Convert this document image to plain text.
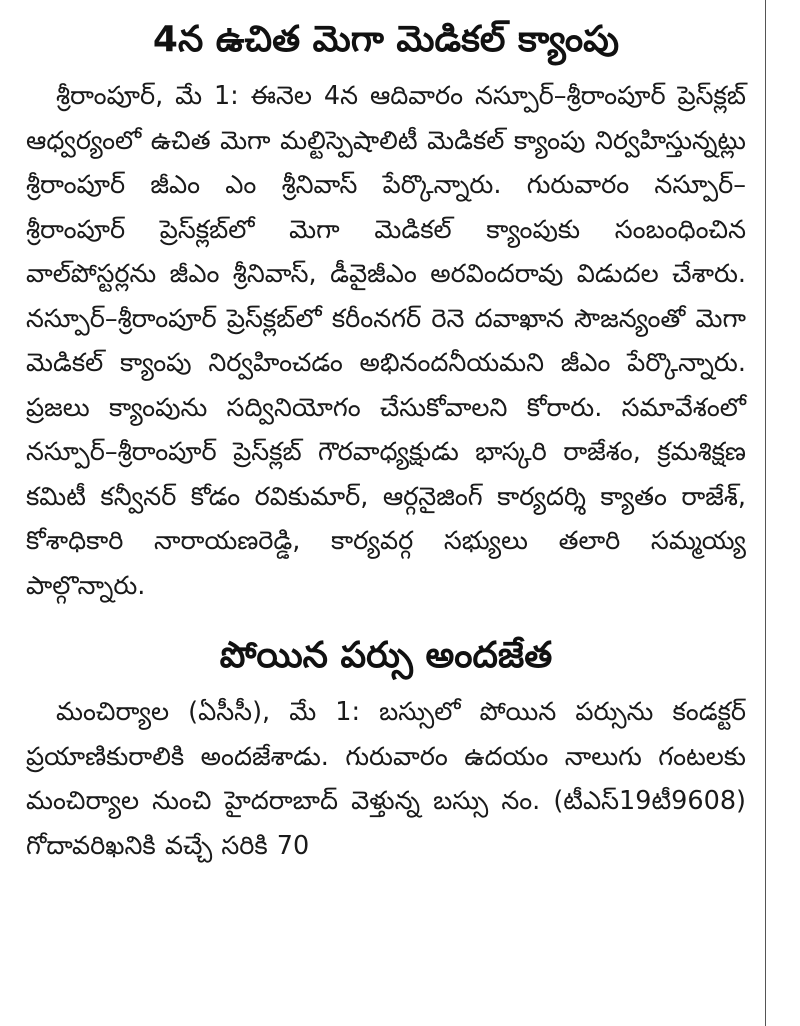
4న ఉచిత మెగా మెడికల్ క్యాంపు

శ్రీరాంపూర్, మే 1: ఈనెల 4న ఆదివారం నస్పూర్–శ్రీరాంపూర్ ప్రెస్‌క్లబ్ ఆధ్వర్యంలో ఉచిత మెగా మల్టిస్పెషాలిటీ మెడికల్ క్యాంపు నిర్వహిస్తున్నట్లు శ్రీరాంపూర్ జీఎం ఎం శ్రీనివాస్ పేర్కొన్నారు. గురువారం నస్పూర్–శ్రీరాంపూర్ ప్రెస్‌క్లబ్‌లో మెగా మెడికల్ క్యాంపుకు సంబంధించిన వాల్‌పోస్టర్లను జీఎం శ్రీనివాస్, డీవైజీఎం అరవిందరావు విడుదల చేశారు. నస్పూర్–శ్రీరాంపూర్ ప్రెస్‌క్లబ్‌లో కరీంనగర్ రెనె దవాఖాన సౌజన్యంతో మెగా మెడికల్ క్యాంపు నిర్వహించడం అభినందనీయమని జీఎం పేర్కొన్నారు. ప్రజలు క్యాంపును సద్వినియోగం చేసుకోవాలని కోరారు. సమావేశంలో నస్పూర్–శ్రీరాంపూర్ ప్రెస్‌క్లబ్ గౌరవాధ్యక్షుడు భాస్కరి రాజేశం, క్రమశిక్షణ కమిటీ కన్వీనర్ కోడం రవికుమార్, ఆర్గనైజింగ్ కార్యదర్శి క్యాతం రాజేశ్, కోశాధికారి నారాయణరెడ్డి, కార్యవర్గ సభ్యులు తలారి సమ్మయ్య పాల్గొన్నారు.

పోయిన పర్సు అందజేత

మంచిర్యాల (ఏసీసీ), మే 1: బస్సులో పోయిన పర్సును కండక్టర్ ప్రయాణికురాలికి అందజేశాడు. గురువారం ఉదయం నాలుగు గంటలకు మంచిర్యాల నుంచి హైదరాబాద్ వెళ్తున్న బస్సు నం. (టీఎస్19టీ9608) గోదావరిఖనికి వచ్చే సరికి 70
